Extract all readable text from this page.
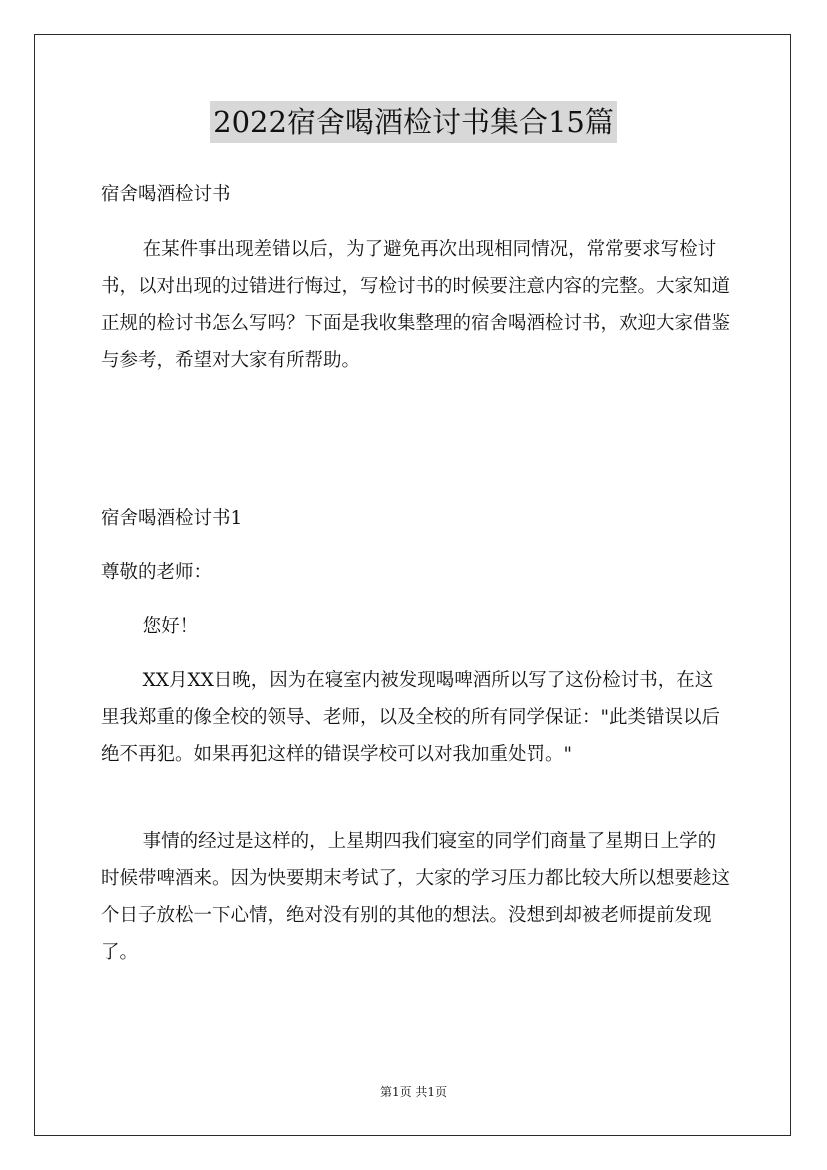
2022宿舍喝酒检讨书集合15篇

宿舍喝酒检讨书

在某件事出现差错以后，为了避免再次出现相同情况，常常要求写检讨书，以对出现的过错进行悔过，写检讨书的时候要注意内容的完整。大家知道正规的检讨书怎么写吗？下面是我收集整理的宿舍喝酒检讨书，欢迎大家借鉴与参考，希望对大家有所帮助。

宿舍喝酒检讨书1

尊敬的老师：

您好！

XX月XX日晚，因为在寝室内被发现喝啤酒所以写了这份检讨书，在这里我郑重的像全校的领导、老师，以及全校的所有同学保证："此类错误以后绝不再犯。如果再犯这样的错误学校可以对我加重处罚。"

事情的经过是这样的，上星期四我们寝室的同学们商量了星期日上学的时候带啤酒来。因为快要期末考试了，大家的学习压力都比较大所以想要趁这个日子放松一下心情，绝对没有别的其他的想法。没想到却被老师提前发现了。

第1页 共1页
